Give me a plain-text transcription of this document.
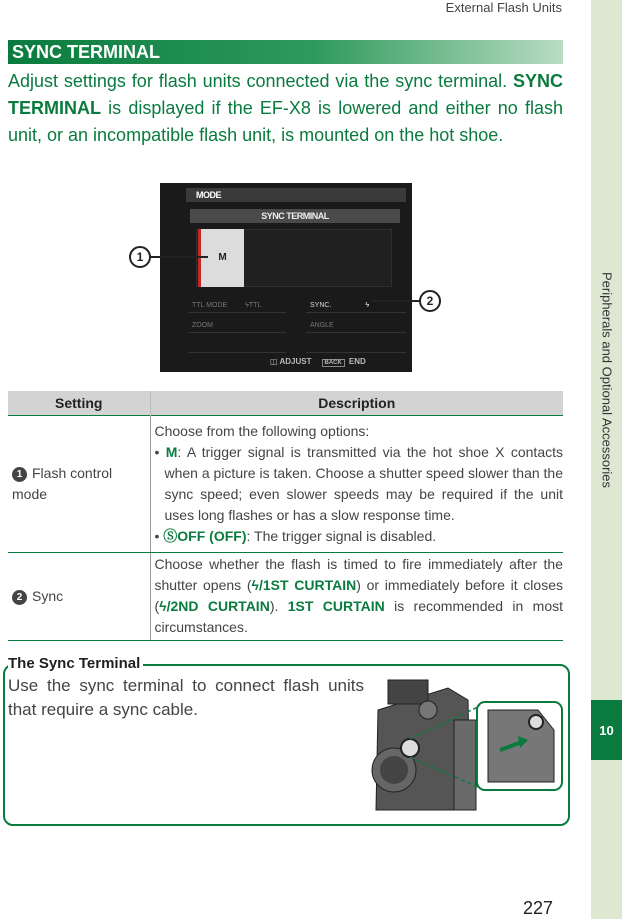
Peripherals and Optional Accessories
10
External Flash Units
227
SYNC TERMINAL
Adjust settings for flash units connected via the sync terminal. SYNC TERMINAL is displayed if the EF-X8 is lowered and either no flash unit, or an incompatible flash unit, is mounted on the hot shoe.
MODE
SYNC TERMINAL
M
TTL MODE	ϟTTL	SYNC.	ϟ
ZOOM	ANGLE
◫ ADJUST BACK END
1
2
Setting	Description
1 Flash control mode	Choose from the following options:
• M: A trigger signal is transmitted via the hot shoe X contacts when a picture is taken. Choose a shutter speed slower than the sync speed; even slower speeds may be required if the unit uses long flashes or has a slow response time.
• ⓈOFF (OFF): The trigger signal is disabled.

2 Sync	Choose whether the flash is timed to fire immediately after the shutter opens (ϟ/1ST CURTAIN) or immediately before it closes (ϟ/2ND CURTAIN). 1ST CURTAIN is recommended in most circumstances.
The Sync Terminal
Use the sync terminal to connect flash units that require a sync cable.
